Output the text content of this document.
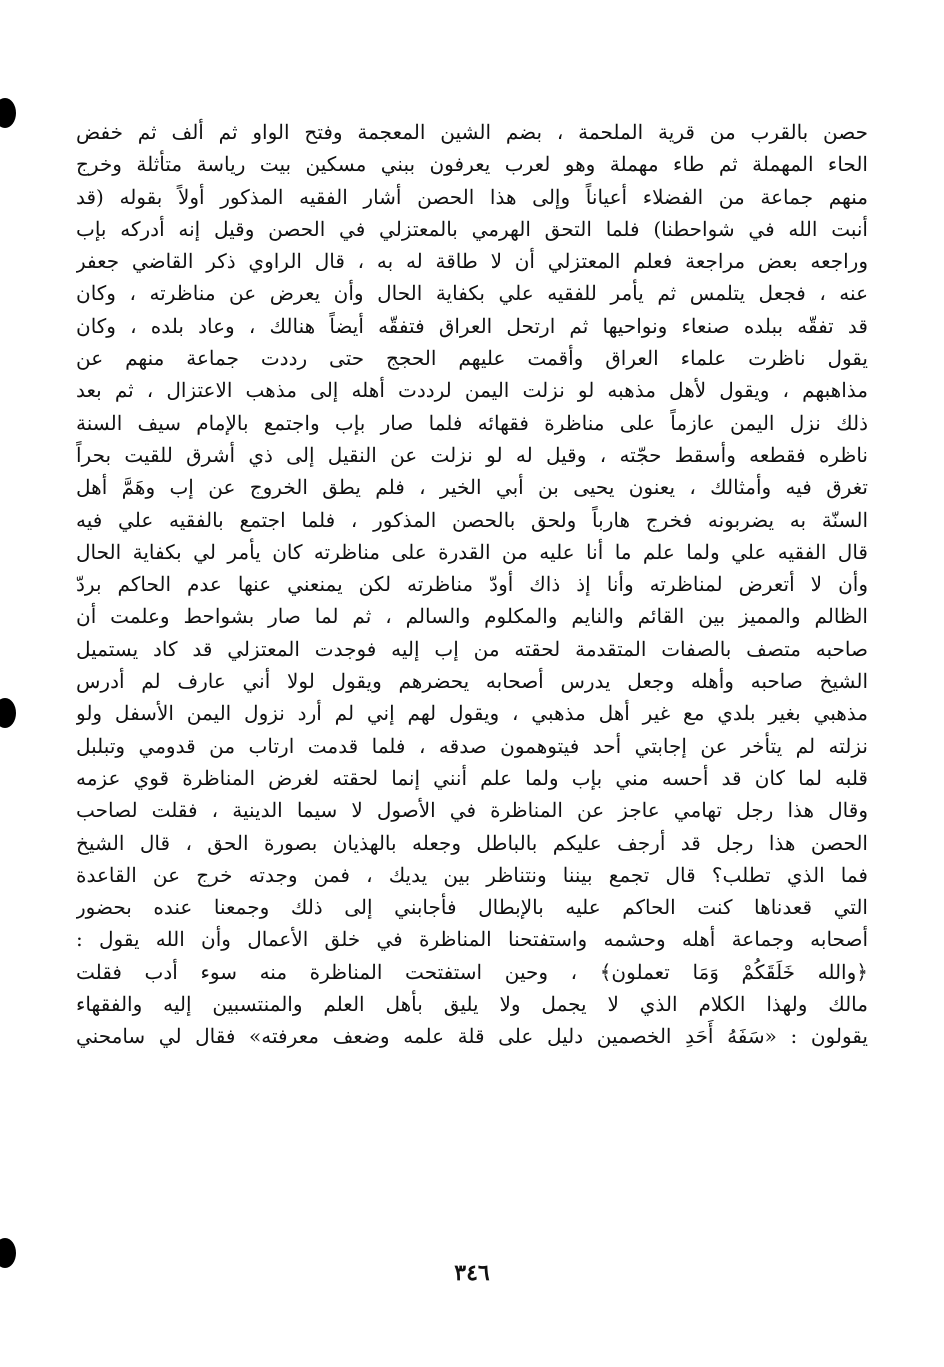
حصن بالقرب من قرية الملحمة ، بضم الشين المعجمة وفتح الواو ثم ألف ثم خفض
الحاء المهملة ثم طاء مهملة وهو لعرب يعرفون ببني مسكين بيت رياسة متأثلة وخرج
منهم جماعة من الفضلاء أعياناً وإلى هذا الحصن أشار الفقيه المذكور أولاً بقوله (قد
أنبت الله في شواحطنا) فلما التحق الهرمي بالمعتزلي في الحصن وقيل إنه أدركه بإب
وراجعه بعض مراجعة فعلم المعتزلي أن لا طاقة له به ، قال الراوي ذكر القاضي جعفر
عنه ، فجعل يتلمس ثم يأمر للفقيه علي بكفاية الحال وأن يعرض عن مناظرته ، وكان
قد تفقّه ببلده صنعاء ونواحيها ثم ارتحل العراق فتفقّه أيضاً هنالك ، وعاد بلده ، وكان
يقول ناظرت علماء العراق وأقمت عليهم الحجج حتى رددت جماعة منهم عن
مذاهبهم ، ويقول لأهل مذهبه لو نزلت اليمن لرددت أهله إلى مذهب الاعتزال ، ثم بعد
ذلك نزل اليمن عازماً على مناظرة فقهائه فلما صار بإب واجتمع بالإمام سيف السنة
ناظره فقطعه وأسقط حجّته ، وقيل له لو نزلت عن النقيل إلى ذي أشرق للقيت بحراً
تغرق فيه وأمثالك ، يعنون يحيى بن أبي الخير ، فلم يطق الخروج عن إب وهَمَّ أهل
السنّة به يضربونه فخرج هارباً ولحق بالحصن المذكور ، فلما اجتمع بالفقيه علي فيه
قال الفقيه علي ولما علم ما أنا عليه من القدرة على مناظرته كان يأمر لي بكفاية الحال
وأن لا أتعرض لمناظرته وأنا إذ ذاك أودّ مناظرته لكن يمنعني عنها عدم الحاكم بردّ
الظالم والمميز بين القائم والنايم والمكلوم والسالم ، ثم لما صار بشواحط وعلمت أن
صاحبه متصف بالصفات المتقدمة لحقته من إب إليه فوجدت المعتزلي قد كاد يستميل
الشيخ صاحبه وأهله وجعل يدرس أصحابه يحضرهم ويقول لولا أني عارف لم أدرس
مذهبي بغير بلدي مع غير أهل مذهبي ، ويقول لهم إني لم أرد نزول اليمن الأسفل ولو
نزلته لم يتأخر عن إجابتي أحد فيتوهمون صدقه ، فلما قدمت ارتاب من قدومي وتبلبل
قلبه لما كان قد أحسه مني بإب ولما علم أنني إنما لحقته لغرض المناظرة قوي عزمه
وقال هذا رجل تهامي عاجز عن المناظرة في الأصول لا سيما الدينية ، فقلت لصاحب
الحصن هذا رجل قد أرجف عليكم بالباطل وجعله بالهذيان بصورة الحق ، قال الشيخ
فما الذي تطلب؟ قال تجمع بيننا ونتناظر بين يديك ، فمن وجدته خرج عن القاعدة
التي قعدناها كنت الحاكم عليه بالإبطال فأجابني إلى ذلك وجمعنا عنده بحضور
أصحابه وجماعة أهله وحشمه واستفتحنا المناظرة في خلق الأعمال وأن الله يقول :
﴿والله خَلَقَكُمْ وَمَا تعملون﴾ ، وحين استفتحت المناظرة منه سوء أدب فقلت
مالك ولهذا الكلام الذي لا يجمل ولا يليق بأهل العلم والمنتسبين إليه والفقهاء
يقولون : «سَفَهُ أَحَدِ الخصمين دليل على قلة علمه وضعف معرفته» فقال لي سامحني
٣٤٦
